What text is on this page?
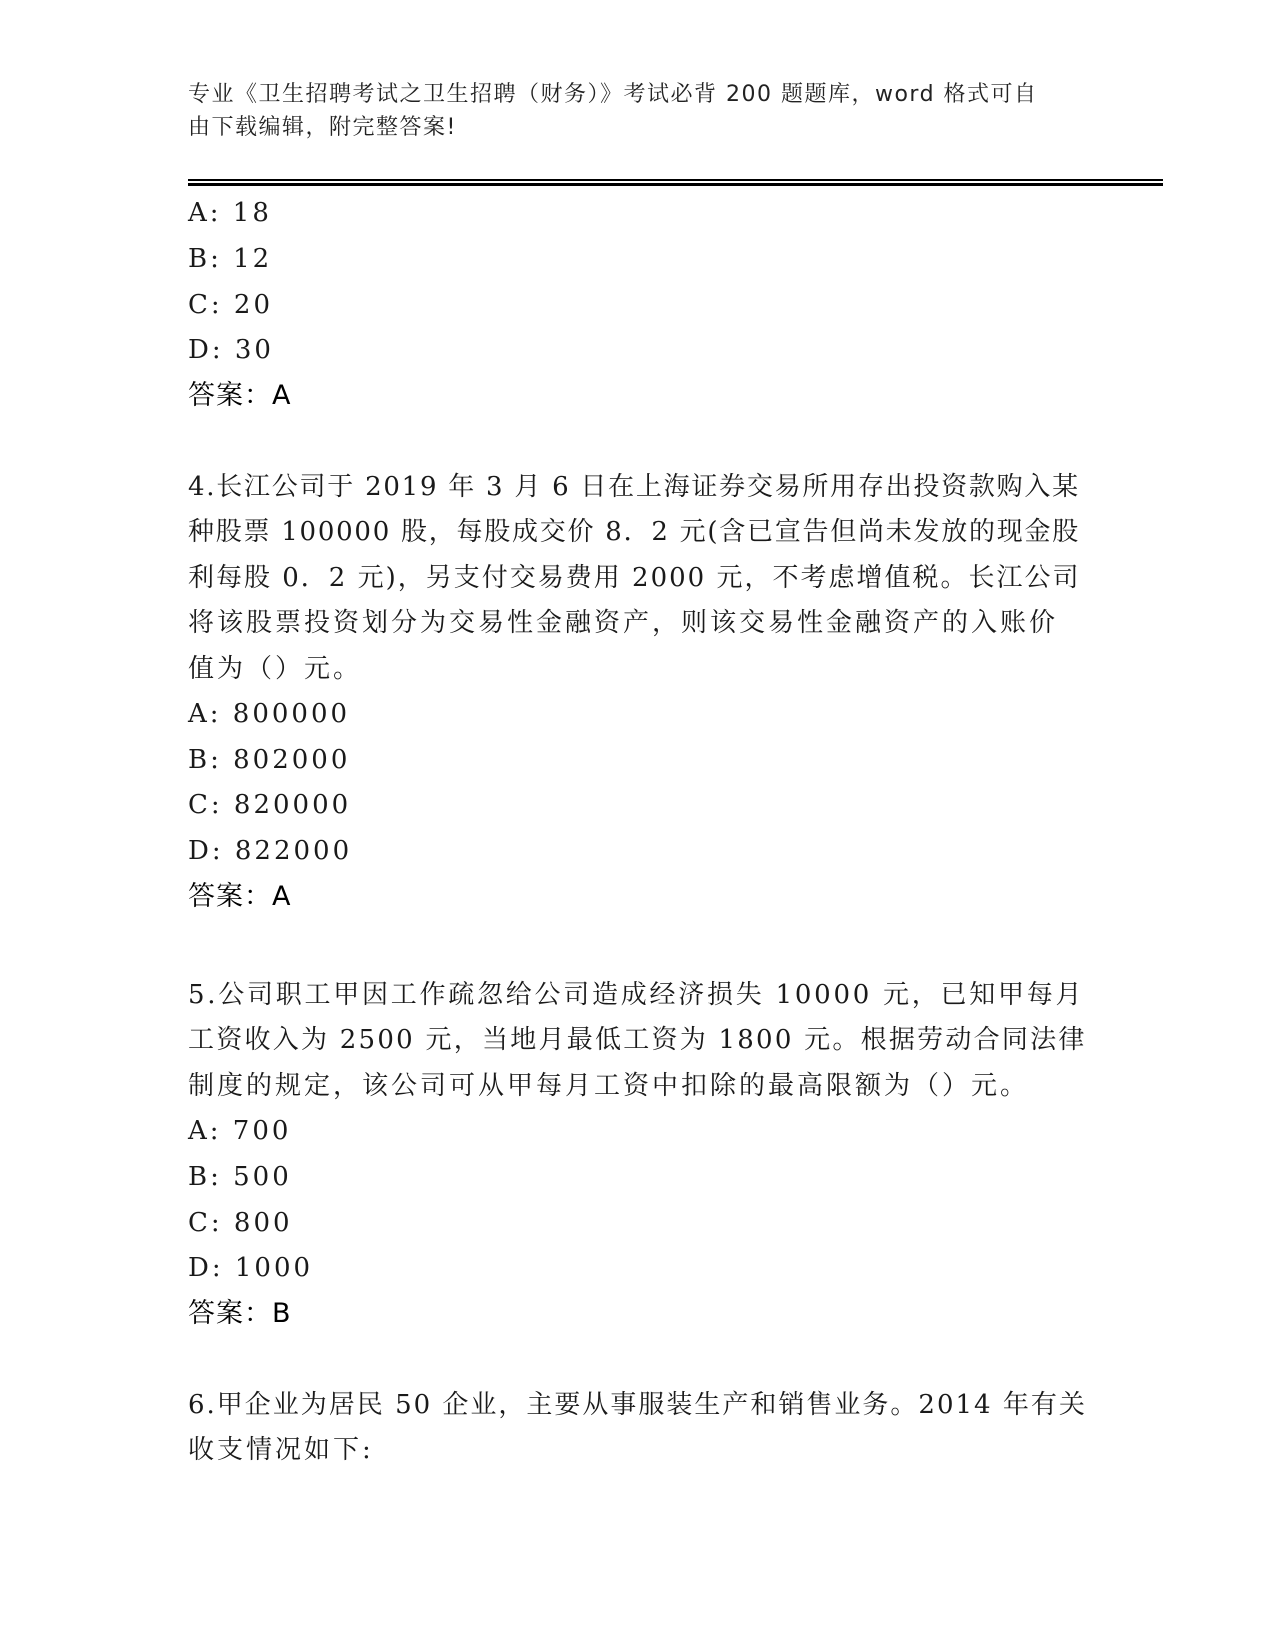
专业《卫生招聘考试之卫生招聘（财务）》考试必背 200 题题库，word 格式可自
由下载编辑，附完整答案!
A: 18
B: 12
C: 20
D: 30
答案：A
4.长江公司于 2019 年 3 月 6 日在上海证券交易所用存出投资款购入某
种股票 100000 股，每股成交价 8．2 元(含已宣告但尚未发放的现金股
利每股 0．2 元)，另支付交易费用 2000 元，不考虑增值税。长江公司
将该股票投资划分为交易性金融资产，则该交易性金融资产的入账价
值为（）元。
A: 800000
B: 802000
C: 820000
D: 822000
答案：A
5.公司职工甲因工作疏忽给公司造成经济损失 10000 元，已知甲每月
工资收入为 2500 元，当地月最低工资为 1800 元。根据劳动合同法律
制度的规定，该公司可从甲每月工资中扣除的最高限额为（）元。
A: 700
B: 500
C: 800
D: 1000
答案：B
6.甲企业为居民 50 企业，主要从事服装生产和销售业务。2014 年有关
收支情况如下:
